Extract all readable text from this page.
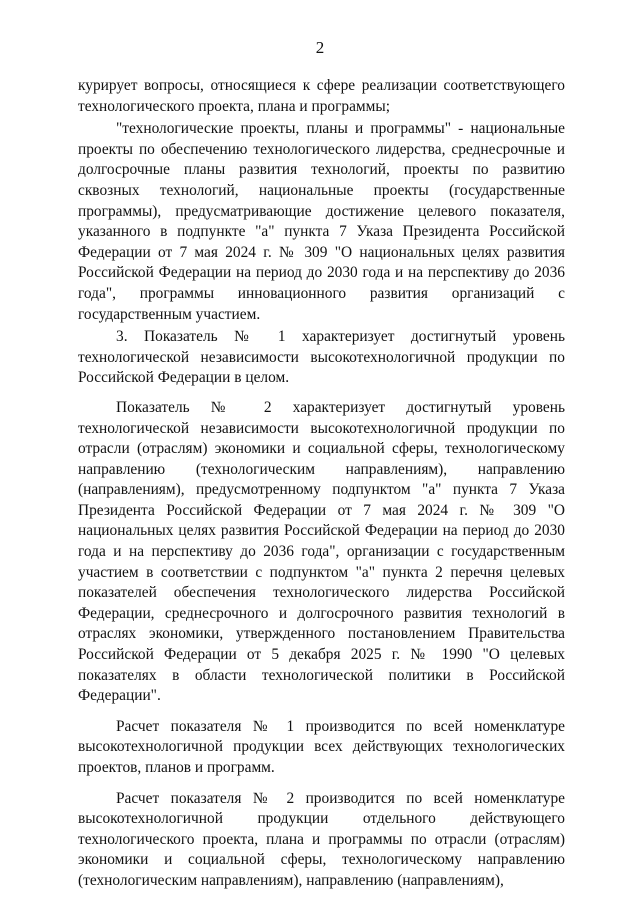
2

курирует вопросы, относящиеся к сфере реализации соответствующего технологического проекта, плана и программы;

"технологические проекты, планы и программы" - национальные проекты по обеспечению технологического лидерства, среднесрочные и долгосрочные планы развития технологий, проекты по развитию сквозных технологий, национальные проекты (государственные программы), предусматривающие достижение целевого показателя, указанного в подпункте "а" пункта 7 Указа Президента Российской Федерации от 7 мая 2024 г. № 309 "О национальных целях развития Российской Федерации на период до 2030 года и на перспективу до 2036 года", программы инновационного развития организаций с государственным участием.

3. Показатель № 1 характеризует достигнутый уровень технологической независимости высокотехнологичной продукции по Российской Федерации в целом.

Показатель № 2 характеризует достигнутый уровень технологической независимости высокотехнологичной продукции по отрасли (отраслям) экономики и социальной сферы, технологическому направлению (технологическим направлениям), направлению (направлениям), предусмотренному подпунктом "а" пункта 7 Указа Президента Российской Федерации от 7 мая 2024 г. № 309 "О национальных целях развития Российской Федерации на период до 2030 года и на перспективу до 2036 года", организации с государственным участием в соответствии с подпунктом "а" пункта 2 перечня целевых показателей обеспечения технологического лидерства Российской Федерации, среднесрочного и долгосрочного развития технологий в отраслях экономики, утвержденного постановлением Правительства Российской Федерации от 5 декабря 2025 г. № 1990 "О целевых показателях в области технологической политики в Российской Федерации".

Расчет показателя № 1 производится по всей номенклатуре высокотехнологичной продукции всех действующих технологических проектов, планов и программ.

Расчет показателя № 2 производится по всей номенклатуре высокотехнологичной продукции отдельного действующего технологического проекта, плана и программы по отрасли (отраслям) экономики и социальной сферы, технологическому направлению (технологическим направлениям), направлению (направлениям),
